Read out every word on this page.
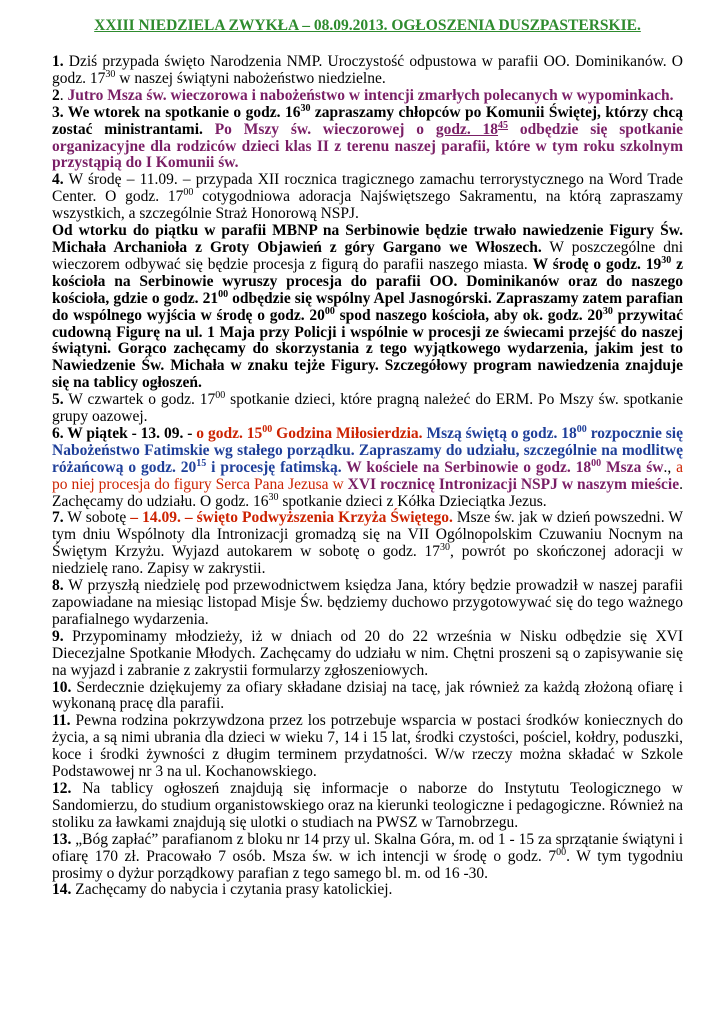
XXIII NIEDZIELA ZWYKŁA – 08.09.2013. OGŁOSZENIA DUSZPASTERSKIE.

1. Dziś przypada święto Narodzenia NMP. Uroczystość odpustowa w parafii OO. Dominikanów. O godz. $17^{30}$ w naszej świątyni nabożeństwo niedzielne.

2. Jutro Msza św. wieczorowa i nabożeństwo w intencji zmarłych polecanych w wypominkach.

3. We wtorek na spotkanie o godz. $16^{30}$ zapraszamy chłopców po Komunii Świętej, którzy chcą zostać ministrantami. Po Mszy św. wieczorowej o godz. $18^{45}$ odbędzie się spotkanie organizacyjne dla rodziców dzieci klas II z terenu naszej parafii, które w tym roku szkolnym przystąpią do I Komunii św.

4. W środę – 11.09. – przypada XII rocznica tragicznego zamachu terrorystycznego na Word Trade Center. O godz. $17^{00}$ cotygodniowa adoracja Najświętszego Sakramentu, na którą zapraszamy wszystkich, a szczególnie Straż Honorową NSPJ.

Od wtorku do piątku w parafii MBNP na Serbinowie będzie trwało nawiedzenie Figury Św. Michała Archanioła z Groty Objawień z góry Gargano we Włoszech. W poszczególne dni wieczorem odbywać się będzie procesja z figurą do parafii naszego miasta. W środę o godz. $19^{30}$ z kościoła na Serbinowie wyruszy procesja do parafii OO. Dominikanów oraz do naszego kościoła, gdzie o godz. $21^{00}$ odbędzie się wspólny Apel Jasnogórski. Zapraszamy zatem parafian do wspólnego wyjścia w środę o godz. $20^{00}$ spod naszego kościoła, aby ok. godz. $20^{30}$ przywitać cudowną Figurę na ul. 1 Maja przy Policji i wspólnie w procesji ze świecami przejść do naszej świątyni. Gorąco zachęcamy do skorzystania z tego wyjątkowego wydarzenia, jakim jest to Nawiedzenie Św. Michała w znaku tejże Figury. Szczegółowy program nawiedzenia znajduje się na tablicy ogłoszeń.

5. W czwartek o godz. $17^{00}$ spotkanie dzieci, które pragną należeć do ERM. Po Mszy św. spotkanie grupy oazowej.

6. W piątek - 13. 09. - o godz. $15^{00}$ Godzina Miłosierdzia. Mszą świętą o godz. $18^{00}$ rozpocznie się Nabożeństwo Fatimskie wg stałego porządku. Zapraszamy do udziału, szczególnie na modlitwę różańcową o godz. $20^{15}$ i procesję fatimską. W kościele na Serbinowie o godz. $18^{00}$ Msza św., a po niej procesja do figury Serca Pana Jezusa w XVI rocznicę Intronizacji NSPJ w naszym mieście. Zachęcamy do udziału. O godz. $16^{30}$ spotkanie dzieci z Kółka Dzieciątka Jezus.

7. W sobotę – 14.09. – święto Podwyższenia Krzyża Świętego. Msze św. jak w dzień powszedni. W tym dniu Wspólnoty dla Intronizacji gromadzą się na VII Ogólnopolskim Czuwaniu Nocnym na Świętym Krzyżu. Wyjazd autokarem w sobotę o godz. $17^{30}$, powrót po skończonej adoracji w niedzielę rano. Zapisy w zakrystii.

8. W przyszłą niedzielę pod przewodnictwem księdza Jana, który będzie prowadził w naszej parafii zapowiadane na miesiąc listopad Misje Św. będziemy duchowo przygotowywać się do tego ważnego parafialnego wydarzenia.

9. Przypominamy młodzieży, iż w dniach od 20 do 22 września w Nisku odbędzie się XVI Diecezjalne Spotkanie Młodych. Zachęcamy do udziału w nim. Chętni proszeni są o zapisywanie się na wyjazd i zabranie z zakrystii formularzy zgłoszeniowych.

10. Serdecznie dziękujemy za ofiary składane dzisiaj na tacę, jak również za każdą złożoną ofiarę i wykonaną pracę dla parafii.

11. Pewna rodzina pokrzywdzona przez los potrzebuje wsparcia w postaci środków koniecznych do życia, a są nimi ubrania dla dzieci w wieku 7, 14 i 15 lat, środki czystości, pościel, kołdry, poduszki, koce i środki żywności z długim terminem przydatności. W/w rzeczy można składać w Szkole Podstawowej nr 3 na ul. Kochanowskiego.

12. Na tablicy ogłoszeń znajdują się informacje o naborze do Instytutu Teologicznego w Sandomierzu, do studium organistowskiego oraz na kierunki teologiczne i pedagogiczne. Również na stoliku za ławkami znajdują się ulotki o studiach na PWSZ w Tarnobrzegu.

13. „Bóg zapłać” parafianom z bloku nr 14 przy ul. Skalna Góra, m. od 1 - 15 za sprzątanie świątyni i ofiarę 170 zł. Pracowało 7 osób. Msza św. w ich intencji w środę o godz. $7^{00}$. W tym tygodniu prosimy o dyżur porządkowy parafian z tego samego bl. m. od 16 -30.

14. Zachęcamy do nabycia i czytania prasy katolickiej.
